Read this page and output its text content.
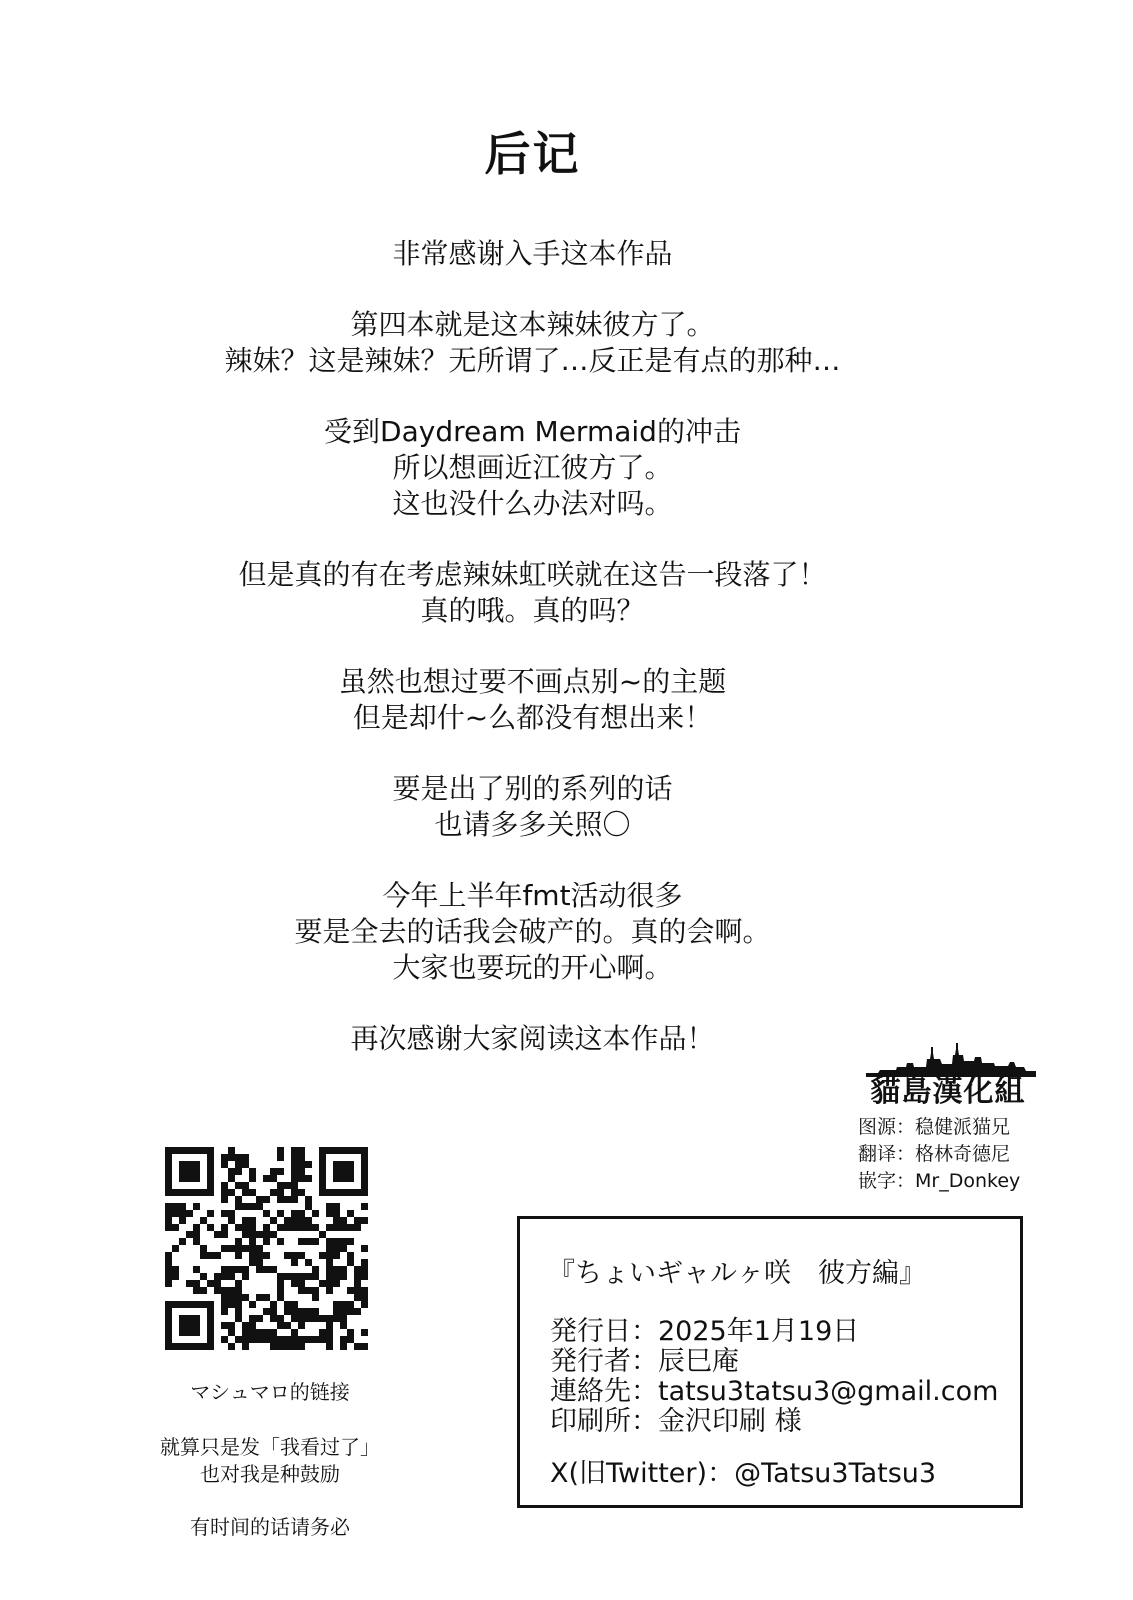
后记
非常感谢入手这本作品
第四本就是这本辣妹彼方了。
辣妹？这是辣妹？无所谓了…反正是有点的那种…
受到Daydream Mermaid的冲击
所以想画近江彼方了。
这也没什么办法对吗。
但是真的有在考虑辣妹虹咲就在这告一段落了！
真的哦。真的吗？
虽然也想过要不画点别~的主题
但是却什~么都没有想出来！
要是出了别的系列的话
也请多多关照〇
今年上半年fmt活动很多
要是全去的话我会破产的。真的会啊。
大家也要玩的开心啊。
再次感谢大家阅读这本作品！
貓島漢化組
图源：稳健派猫兄
翻译：格林奇德尼
嵌字：Mr_Donkey
マシュマロ的链接
就算只是发「我看过了」
也对我是种鼓励
有时间的话请务必
『ちょいギャルヶ咲　彼方編』
発行日：2025年1月19日
発行者：辰巳庵
連絡先：tatsu3tatsu3@gmail.com
印刷所：金沢印刷 様
X(旧Twitter)：@Tatsu3Tatsu3
